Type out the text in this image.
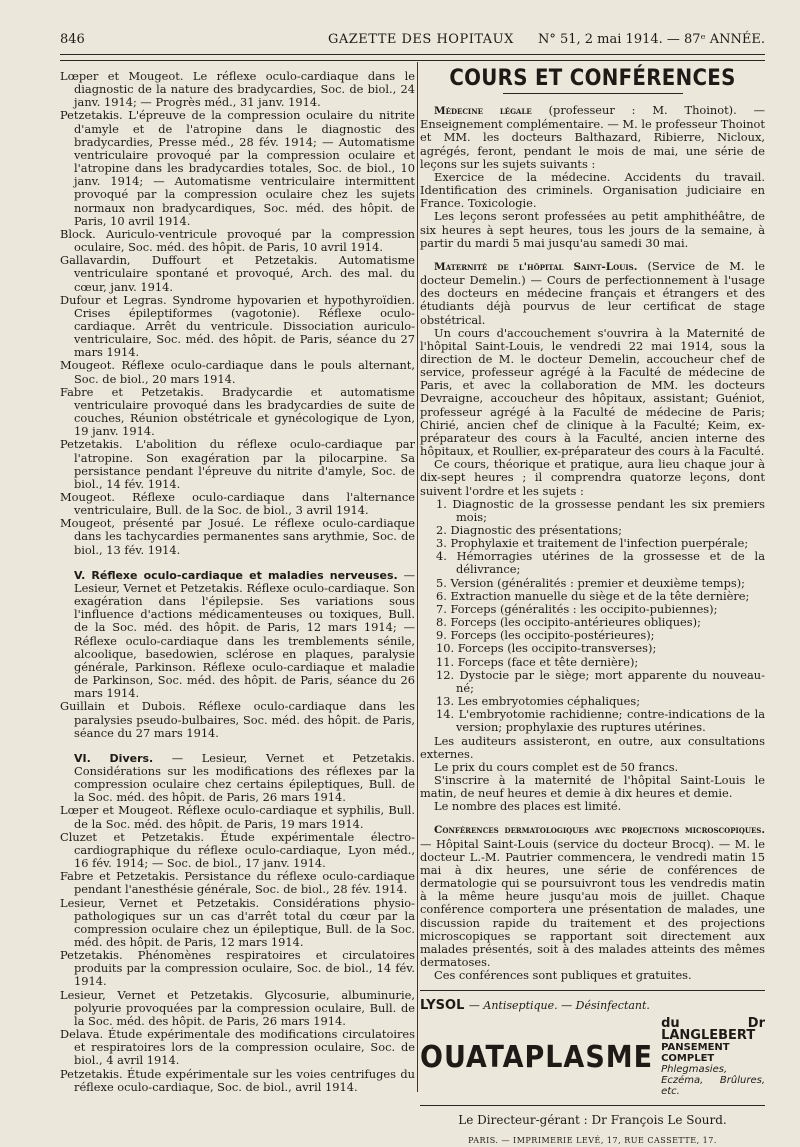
846	GAZETTE DES HOPITAUX N° 51, 2 mai 1914. — 87ᵉ ANNÉE.

Lœper et Mougeot. Le réflexe oculo-cardiaque dans le diagnostic de la nature des bradycardies, Soc. de biol., 24 janv. 1914; — Progrès méd., 31 janv. 1914.

Petzetakis. L'épreuve de la compression oculaire du nitrite d'amyle et de l'atropine dans le diagnostic des bradycardies, Presse méd., 28 fév. 1914; — Automatisme ventriculaire provoqué par la compression oculaire et l'atropine dans les bradycardies totales, Soc. de biol., 10 janv. 1914; — Automatisme ventriculaire intermittent provoqué par la compression oculaire chez les sujets normaux non bradycardiques, Soc. méd. des hôpit. de Paris, 10 avril 1914.

Block. Auriculo-ventricule provoqué par la compression oculaire, Soc. méd. des hôpit. de Paris, 10 avril 1914.

Gallavardin, Duffourt et Petzetakis. Automatisme ventriculaire spontané et provoqué, Arch. des mal. du cœur, janv. 1914.

Dufour et Legras. Syndrome hypovarien et hypothyroïdien. Crises épileptiformes (vagotonie). Réflexe oculo-cardiaque. Arrêt du ventricule. Dissociation auriculo-ventriculaire, Soc. méd. des hôpit. de Paris, séance du 27 mars 1914.

Mougeot. Réflexe oculo-cardiaque dans le pouls alternant, Soc. de biol., 20 mars 1914.

Fabre et Petzetakis. Bradycardie et automatisme ventriculaire provoqué dans les bradycardies de suite de couches, Réunion obstétricale et gynécologique de Lyon, 19 janv. 1914.

Petzetakis. L'abolition du réflexe oculo-cardiaque par l'atropine. Son exagération par la pilocarpine. Sa persistance pendant l'épreuve du nitrite d'amyle, Soc. de biol., 14 fév. 1914.

Mougeot. Réflexe oculo-cardiaque dans l'alternance ventriculaire, Bull. de la Soc. de biol., 3 avril 1914.

Mougeot, présenté par Josué. Le réflexe oculo-cardiaque dans les tachycardies permanentes sans arythmie, Soc. de biol., 13 fév. 1914.

V. Réflexe oculo-cardiaque et maladies nerveuses. — Lesieur, Vernet et Petzetakis. Réflexe oculo-cardiaque. Son exagération dans l'épilepsie. Ses variations sous l'influence d'actions médicamenteuses ou toxiques, Bull. de la Soc. méd. des hôpit. de Paris, 12 mars 1914; — Réflexe oculo-cardiaque dans les tremblements sénile, alcoolique, basedowien, sclérose en plaques, paralysie générale, Parkinson. Réflexe oculo-cardiaque et maladie de Parkinson, Soc. méd. des hôpit. de Paris, séance du 26 mars 1914.

Guillain et Dubois. Réflexe oculo-cardiaque dans les paralysies pseudo-bulbaires, Soc. méd. des hôpit. de Paris, séance du 27 mars 1914.

VI. Divers. — Lesieur, Vernet et Petzetakis. Considérations sur les modifications des réflexes par la compression oculaire chez certains épileptiques, Bull. de la Soc. méd. des hôpit. de Paris, 26 mars 1914.

Lœper et Mougeot. Réflexe oculo-cardiaque et syphilis, Bull. de la Soc. méd. des hôpit. de Paris, 19 mars 1914.

Cluzet et Petzetakis. Étude expérimentale électro-cardiographique du réflexe oculo-cardiaque, Lyon méd., 16 fév. 1914; — Soc. de biol., 17 janv. 1914.

Fabre et Petzetakis. Persistance du réflexe oculo-cardiaque pendant l'anesthésie générale, Soc. de biol., 28 fév. 1914.

Lesieur, Vernet et Petzetakis. Considérations physio-pathologiques sur un cas d'arrêt total du cœur par la compression oculaire chez un épileptique, Bull. de la Soc. méd. des hôpit. de Paris, 12 mars 1914.

Petzetakis. Phénomènes respiratoires et circulatoires produits par la compression oculaire, Soc. de biol., 14 fév. 1914.

Lesieur, Vernet et Petzetakis. Glycosurie, albuminurie, polyurie provoquées par la compression oculaire, Bull. de la Soc. méd. des hôpit. de Paris, 26 mars 1914.

Delava. Étude expérimentale des modifications circulatoires et respiratoires lors de la compression oculaire, Soc. de biol., 4 avril 1914.

Petzetakis. Étude expérimentale sur les voies centrifuges du réflexe oculo-cardiaque, Soc. de biol., avril 1914.

COURS ET CONFÉRENCES

Médecine légale (professeur : M. Thoinot). — Enseignement complémentaire. — M. le professeur Thoinot et MM. les docteurs Balthazard, Ribierre, Nicloux, agrégés, feront, pendant le mois de mai, une série de leçons sur les sujets suivants :

Exercice de la médecine. Accidents du travail. Identification des criminels. Organisation judiciaire en France. Toxicologie.

Les leçons seront professées au petit amphithéâtre, de six heures à sept heures, tous les jours de la semaine, à partir du mardi 5 mai jusqu'au samedi 30 mai.

Maternité de l'hôpital Saint-Louis. (Service de M. le docteur Demelin.) — Cours de perfectionnement à l'usage des docteurs en médecine français et étrangers et des étudiants déjà pourvus de leur certificat de stage obstétrical.

Un cours d'accouchement s'ouvrira à la Maternité de l'hôpital Saint-Louis, le vendredi 22 mai 1914, sous la direction de M. le docteur Demelin, accoucheur chef de service, professeur agrégé à la Faculté de médecine de Paris, et avec la collaboration de MM. les docteurs Devraigne, accoucheur des hôpitaux, assistant; Guéniot, professeur agrégé à la Faculté de médecine de Paris; Chirié, ancien chef de clinique à la Faculté; Keim, ex-préparateur des cours à la Faculté, ancien interne des hôpitaux, et Roullier, ex-préparateur des cours à la Faculté.

Ce cours, théorique et pratique, aura lieu chaque jour à dix-sept heures ; il comprendra quatorze leçons, dont suivent l'ordre et les sujets :

1. Diagnostic de la grossesse pendant les six premiers mois;

2. Diagnostic des présentations;

3. Prophylaxie et traitement de l'infection puerpérale;

4. Hémorragies utérines de la grossesse et de la délivrance;

5. Version (généralités : premier et deuxième temps);

6. Extraction manuelle du siège et de la tête dernière;

7. Forceps (généralités : les occipito-pubiennes);

8. Forceps (les occipito-antérieures obliques);

9. Forceps (les occipito-postérieures);

10. Forceps (les occipito-transverses);

11. Forceps (face et tête dernière);

12. Dystocie par le siège; mort apparente du nouveau-né;

13. Les embryotomies céphaliques;

14. L'embryotomie rachidienne; contre-indications de la version; prophylaxie des ruptures utérines.

Les auditeurs assisteront, en outre, aux consultations externes.

Le prix du cours complet est de 50 francs.

S'inscrire à la maternité de l'hôpital Saint-Louis le matin, de neuf heures et demie à dix heures et demie.

Le nombre des places est limité.

Conférences dermatologiques avec projections microscopiques. — Hôpital Saint-Louis (service du docteur Brocq). — M. le docteur L.-M. Pautrier commencera, le vendredi matin 15 mai à dix heures, une série de conférences de dermatologie qui se poursuivront tous les vendredis matin à la même heure jusqu'au mois de juillet. Chaque conférence comportera une présentation de malades, une discussion rapide du traitement et des projections microscopiques se rapportant soit directement aux malades présentés, soit à des malades atteints des mêmes dermatoses.

Ces conférences sont publiques et gratuites.

LYSOL — Antiseptique. — Désinfectant.
OUATAPLASME
du Dr LANGLEBERT
PANSEMENT COMPLET
Phlegmasies, Eczéma, Brûlures, etc.
Le Directeur-gérant : Dr François Le Sourd.
PARIS. — IMPRIMERIE LEVÉ, 17, RUE CASSETTE, 17.
